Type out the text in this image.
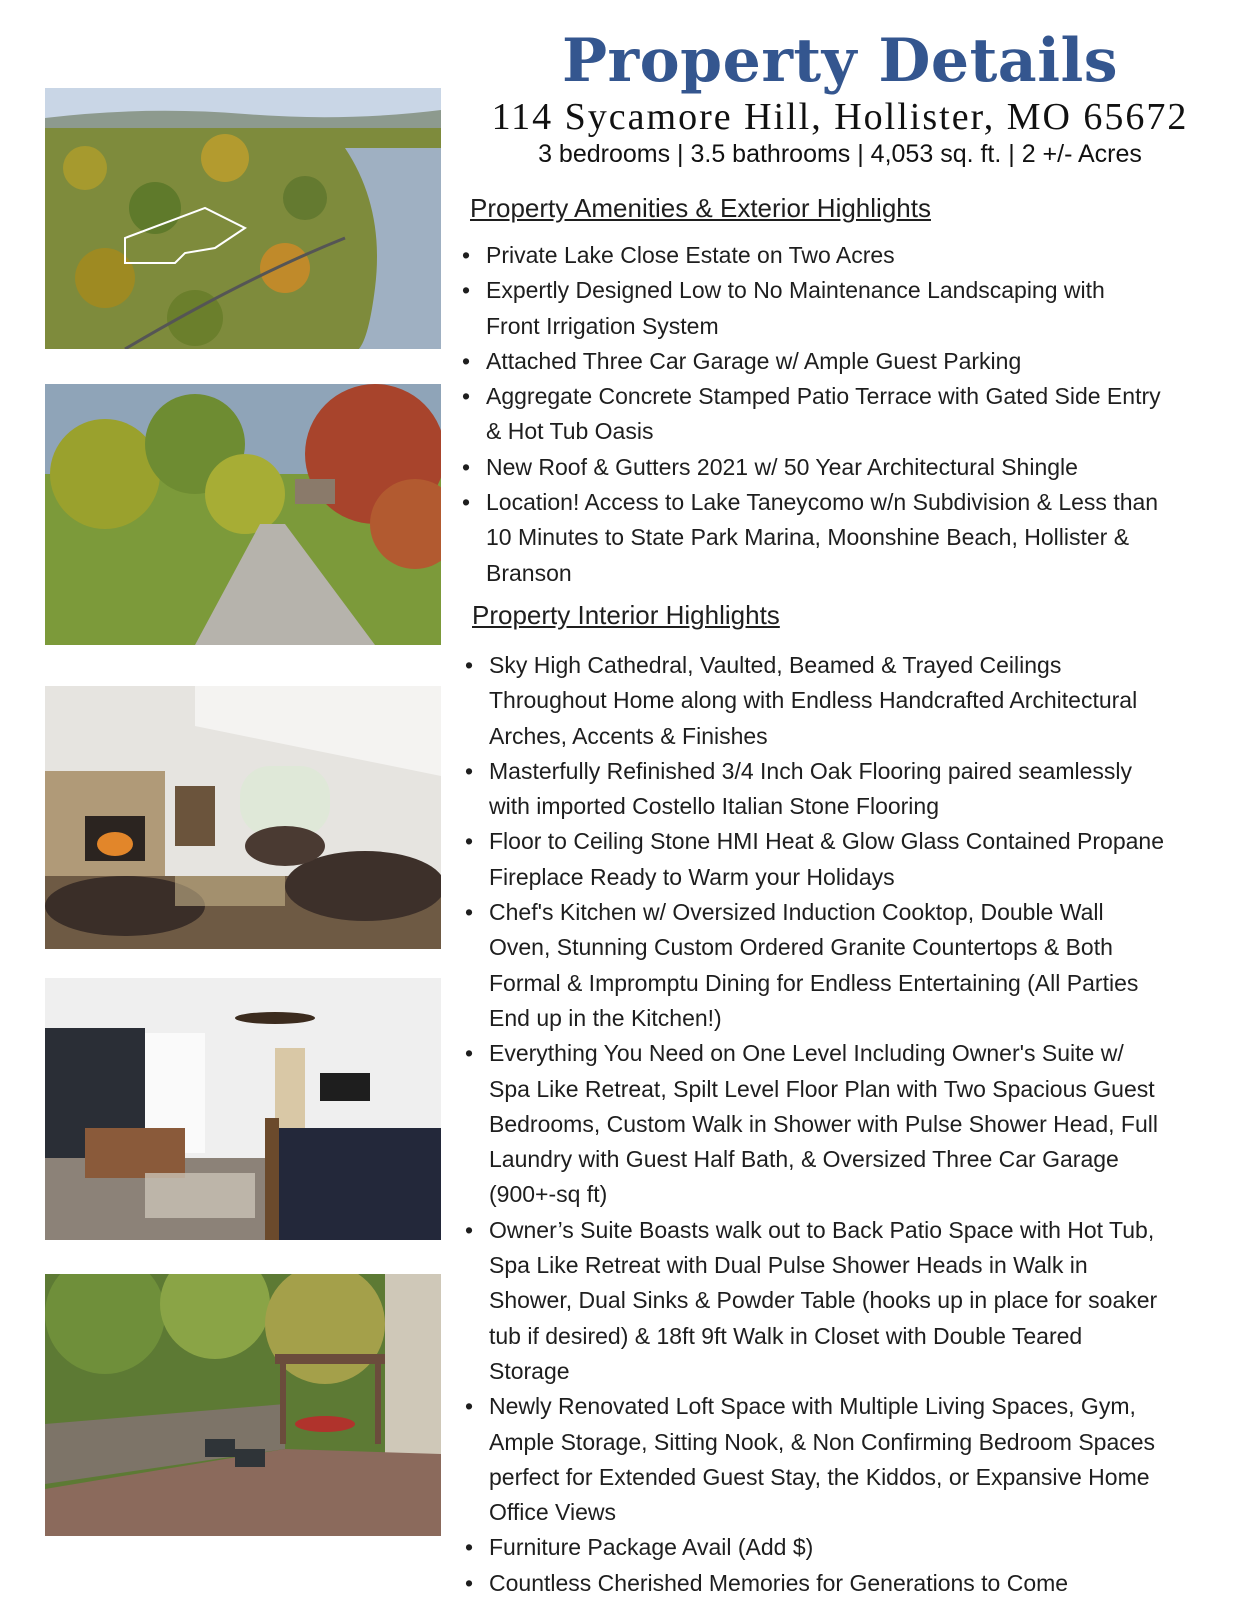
Property Details
114 Sycamore Hill, Hollister, MO 65672
3 bedrooms | 3.5 bathrooms | 4,053 sq. ft. | 2 +/- Acres
Property Amenities & Exterior Highlights
• Private Lake Close Estate on Two Acres
• Expertly Designed Low to No Maintenance Landscaping with Front Irrigation System
• Attached Three Car Garage w/ Ample Guest Parking
• Aggregate Concrete Stamped Patio Terrace with Gated Side Entry & Hot Tub Oasis
• New Roof & Gutters 2021 w/ 50 Year Architectural Shingle
• Location! Access to Lake Taneycomo w/n Subdivision & Less than 10 Minutes to State Park Marina, Moonshine Beach, Hollister & Branson
Property Interior Highlights
• Sky High Cathedral, Vaulted, Beamed & Trayed Ceilings Throughout Home along with Endless Handcrafted Architectural Arches, Accents & Finishes
• Masterfully Refinished 3/4 Inch Oak Flooring paired seamlessly with imported Costello Italian Stone Flooring
• Floor to Ceiling Stone HMI Heat & Glow Glass Contained Propane Fireplace Ready to Warm your Holidays
• Chef's Kitchen w/ Oversized Induction Cooktop, Double Wall Oven, Stunning Custom Ordered Granite Countertops & Both Formal & Impromptu Dining for Endless Entertaining (All Parties End up in the Kitchen!)
• Everything You Need on One Level Including Owner's Suite w/ Spa Like Retreat, Spilt Level Floor Plan with Two Spacious Guest Bedrooms, Custom Walk in Shower with Pulse Shower Head, Full Laundry with Guest Half Bath, & Oversized Three Car Garage (900+-sq ft)
• Owner’s Suite Boasts walk out to Back Patio Space with Hot Tub, Spa Like Retreat with Dual Pulse Shower Heads in Walk in Shower, Dual Sinks & Powder Table (hooks up in place for soaker tub if desired) & 18ft 9ft Walk in Closet with Double Teared Storage
• Newly Renovated Loft Space with Multiple Living Spaces, Gym, Ample Storage, Sitting Nook, & Non Confirming Bedroom Spaces perfect for Extended Guest Stay, the Kiddos, or Expansive Home Office Views
• Furniture Package Avail (Add $)
• Countless Cherished Memories for Generations to Come
